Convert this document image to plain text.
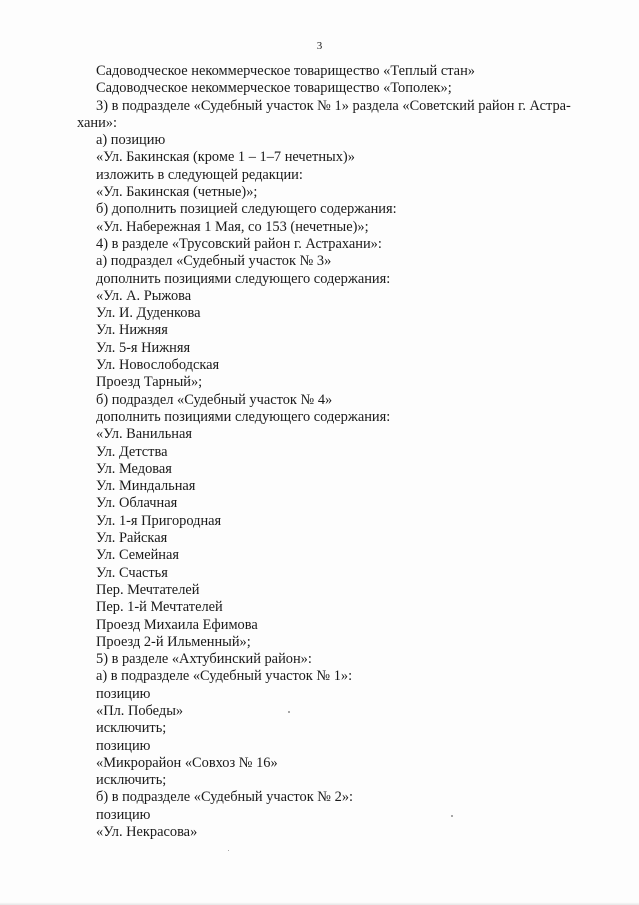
3
Садоводческое некоммерческое товарищество «Теплый стан»
Садоводческое некоммерческое товарищество «Тополек»;
3) в подразделе «Судебный участок № 1» раздела «Советский район г. Астра-
хани»:
а) позицию
«Ул. Бакинская (кроме 1 – 1–7 нечетных)»
изложить в следующей редакции:
«Ул. Бакинская (четные)»;
б) дополнить позицией следующего содержания:
«Ул. Набережная 1 Мая, со 153 (нечетные)»;
4) в разделе «Трусовский район г. Астрахани»:
а) подраздел «Судебный участок № 3»
дополнить позициями следующего содержания:
«Ул. А. Рыжова
Ул. И. Дуденкова
Ул. Нижняя
Ул. 5-я Нижняя
Ул. Новослободская
Проезд Тарный»;
б) подраздел «Судебный участок № 4»
дополнить позициями следующего содержания:
«Ул. Ванильная
Ул. Детства
Ул. Медовая
Ул. Миндальная
Ул. Облачная
Ул. 1-я Пригородная
Ул. Райская
Ул. Семейная
Ул. Счастья
Пер. Мечтателей
Пер. 1-й Мечтателей
Проезд Михаила Ефимова
Проезд 2-й Ильменный»;
5) в разделе «Ахтубинский район»:
а) в подразделе «Судебный участок № 1»:
позицию
«Пл. Победы»
исключить;
позицию
«Микрорайон «Совхоз № 16»
исключить;
б) в подразделе «Судебный участок № 2»:
позицию
«Ул. Некрасова»
